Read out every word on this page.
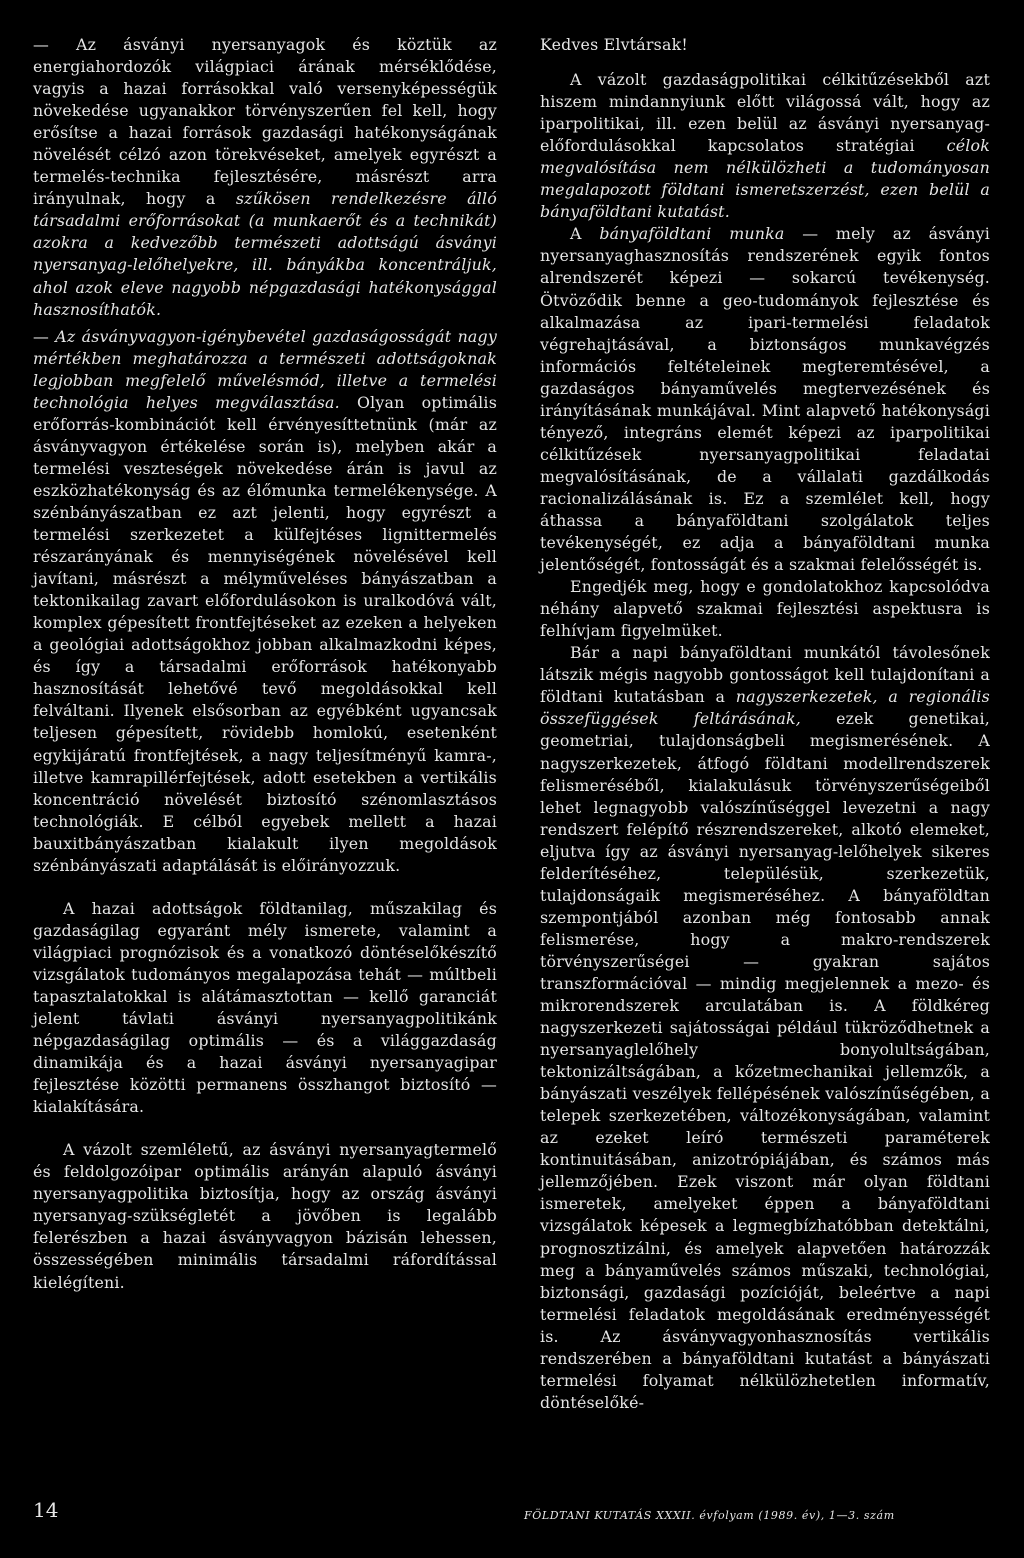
— Az ásványi nyersanyagok és köztük az energiahordozók világpiaci árának mérséklődése, vagyis a hazai forrásokkal való versenyképességük növekedése ugyanakkor törvényszerűen fel kell, hogy erősítse a hazai források gazdasági hatékonyságának növelését célzó azon törekvéseket, amelyek egyrészt a termelés-technika fejlesztésére, másrészt arra irányulnak, hogy a szűkösen rendelkezésre álló társadalmi erőforrásokat (a munkaerőt és a technikát) azokra a kedvezőbb természeti adottságú ásványi nyersanyag-lelőhelyekre, ill. bányákba koncentráljuk, ahol azok eleve nagyobb népgazdasági hatékonysággal hasznosíthatók.

— Az ásványvagyon-igénybevétel gazdaságosságát nagy mértékben meghatározza a természeti adottságoknak legjobban megfelelő művelésmód, illetve a termelési technológia helyes megválasztása. Olyan optimális erőforrás-kombinációt kell érvényesíttetnünk (már az ásványvagyon értékelése során is), melyben akár a termelési veszteségek növekedése árán is javul az eszközhatékonyság és az élőmunka termelékenysége. A szénbányászatban ez azt jelenti, hogy egyrészt a termelési szerkezetet a külfejtéses lignittermelés részarányának és mennyiségének növelésével kell javítani, másrészt a mélyműveléses bányászatban a tektonikailag zavart előfordulásokon is uralkodóvá vált, komplex gépesített frontfejtéseket az ezeken a helyeken a geológiai adottságokhoz jobban alkalmazkodni képes, és így a társadalmi erőforrások hatékonyabb hasznosítását lehetővé tevő megoldásokkal kell felváltani. Ilyenek elsősorban az egyébként ugyancsak teljesen gépesített, rövidebb homlokú, esetenként egykijáratú frontfejtések, a nagy teljesítményű kamra-, illetve kamrapillérfejtések, adott esetekben a vertikális koncentráció növelését biztosító szénomlasztásos technológiák. E célból egyebek mellett a hazai bauxitbányászatban kialakult ilyen megoldások szénbányászati adaptálását is előirányozzuk.

A hazai adottságok földtanilag, műszakilag és gazdaságilag egyaránt mély ismerete, valamint a világpiaci prognózisok és a vonatkozó döntéselőkészítő vizsgálatok tudományos megalapozása tehát — múltbeli tapasztalatokkal is alátámasztottan — kellő garanciát jelent távlati ásványi nyersanyagpolitikánk népgazdaságilag optimális — és a világgazdaság dinamikája és a hazai ásványi nyersanyagipar fejlesztése közötti permanens összhangot biztosító — kialakítására.

A vázolt szemléletű, az ásványi nyersanyagtermelő és feldolgozóipar optimális arányán alapuló ásványi nyersanyagpolitika biztosítja, hogy az ország ásványi nyersanyag-szükségletét a jövőben is legalább felerészben a hazai ásványvagyon bázisán lehessen, összességében minimális társadalmi ráfordítással kielégíteni.

Kedves Elvtársak!

A vázolt gazdaságpolitikai célkitűzésekből azt hiszem mindannyiunk előtt világossá vált, hogy az iparpolitikai, ill. ezen belül az ásványi nyersanyag-előfordulásokkal kapcsolatos stratégiai célok megvalósítása nem nélkülözheti a tudományosan megalapozott földtani ismeretszerzést, ezen belül a bányaföldtani kutatást.

A bányaföldtani munka — mely az ásványi nyersanyaghasznosítás rendszerének egyik fontos alrendszerét képezi — sokarcú tevékenység. Ötvöződik benne a geo-tudományok fejlesztése és alkalmazása az ipari-termelési feladatok végrehajtásával, a biztonságos munkavégzés információs feltételeinek megteremtésével, a gazdaságos bányaművelés megtervezésének és irányításának munkájával. Mint alapvető hatékonysági tényező, integráns elemét képezi az iparpolitikai célkitűzések nyersanyagpolitikai feladatai megvalósításának, de a vállalati gazdálkodás racionalizálásának is. Ez a szemlélet kell, hogy áthassa a bányaföldtani szolgálatok teljes tevékenységét, ez adja a bányaföldtani munka jelentőségét, fontosságát és a szakmai felelősségét is.

Engedjék meg, hogy e gondolatokhoz kapcsolódva néhány alapvető szakmai fejlesztési aspektusra is felhívjam figyelmüket.

Bár a napi bányaföldtani munkától távolesőnek látszik mégis nagyobb gontosságot kell tulajdonítani a földtani kutatásban a nagyszerkezetek, a regionális összefüggések feltárásának, ezek genetikai, geometriai, tulajdonságbeli megismerésének. A nagyszerkezetek, átfogó földtani modellrendszerek felismeréséből, kialakulásuk törvényszerűségeiből lehet legnagyobb valószínűséggel levezetni a nagy rendszert felépítő részrendszereket, alkotó elemeket, eljutva így az ásványi nyersanyag-lelőhelyek sikeres felderítéséhez, településük, szerkezetük, tulajdonságaik megismeréséhez. A bányaföldtan szempontjából azonban még fontosabb annak felismerése, hogy a makro-rendszerek törvényszerűségei — gyakran sajátos transzformációval — mindig megjelennek a mezo- és mikrorendszerek arculatában is. A földkéreg nagyszerkezeti sajátosságai például tükröződhetnek a nyersanyaglelőhely bonyolultságában, tektonizáltságában, a kőzetmechanikai jellemzők, a bányászati veszélyek fellépésének valószínűségében, a telepek szerkezetében, változékonyságában, valamint az ezeket leíró természeti paraméterek kontinuitásában, anizotrópiájában, és számos más jellemzőjében. Ezek viszont már olyan földtani ismeretek, amelyeket éppen a bányaföldtani vizsgálatok képesek a legmegbízhatóbban detektálni, prognosztizálni, és amelyek alapvetően határozzák meg a bányaművelés számos műszaki, technológiai, biztonsági, gazdasági pozícióját, beleértve a napi termelési feladatok megoldásának eredményességét is. Az ásványvagyonhasznosítás vertikális rendszerében a bányaföldtani kutatást a bányászati termelési folyamat nélkülözhetetlen informatív, döntéselőké-

14	FÖLDTANI KUTATÁS XXXII. évfolyam (1989. év), 1—3. szám
